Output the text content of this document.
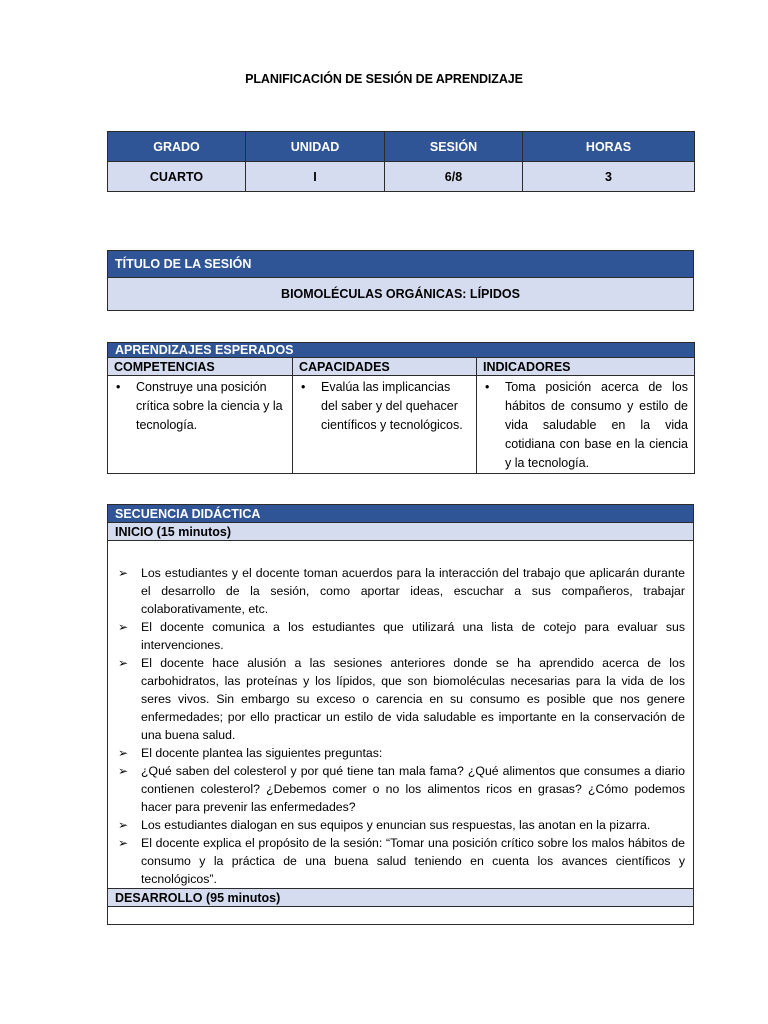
PLANIFICACIÓN DE SESIÓN DE APRENDIZAJE
GRADO	UNIDAD	SESIÓN	HORAS
CUARTO	I	6/8	3
TÍTULO DE LA SESIÓN
BIOMOLÉCULAS ORGÁNICAS: LÍPIDOS
APRENDIZAJES ESPERADOS		
COMPETENCIAS	CAPACIDADES	INDICADORES

• Construye una posición crítica sobre la ciencia y la tecnología.	• Evalúa las implicancias del saber y del quehacer científicos y tecnológicos.	• Toma posición acerca de los hábitos de consumo y estilo de vida saludable en la vida cotidiana con base en la ciencia y la tecnología.
SECUENCIA DIDÁCTICA
INICIO (15 minutos)

➢ Los estudiantes y el docente toman acuerdos para la interacción del trabajo que aplicarán durante el desarrollo de la sesión, como aportar ideas, escuchar a sus compañeros, trabajar colaborativamente, etc.
➢ El docente comunica a los estudiantes que utilizará una lista de cotejo para evaluar sus intervenciones.
➢ El docente hace alusión a las sesiones anteriores donde se ha aprendido acerca de los carbohidratos, las proteínas y los lípidos, que son biomoléculas necesarias para la vida de los seres vivos. Sin embargo su exceso o carencia en su consumo es posible que nos genere enfermedades; por ello practicar un estilo de vida saludable es importante en la conservación de una buena salud.
➢ El docente plantea las siguientes preguntas:
➢ ¿Qué saben del colesterol y por qué tiene tan mala fama? ¿Qué alimentos que consumes a diario contienen colesterol? ¿Debemos comer o no los alimentos ricos en grasas? ¿Cómo podemos hacer para prevenir las enfermedades?
➢ Los estudiantes dialogan en sus equipos y enuncian sus respuestas, las anotan en la pizarra.
➢ El docente explica el propósito de la sesión: “Tomar una posición crítico sobre los malos hábitos de consumo y la práctica de una buena salud teniendo en cuenta los avances científicos y tecnológicos”.

DESARROLLO (95 minutos)
